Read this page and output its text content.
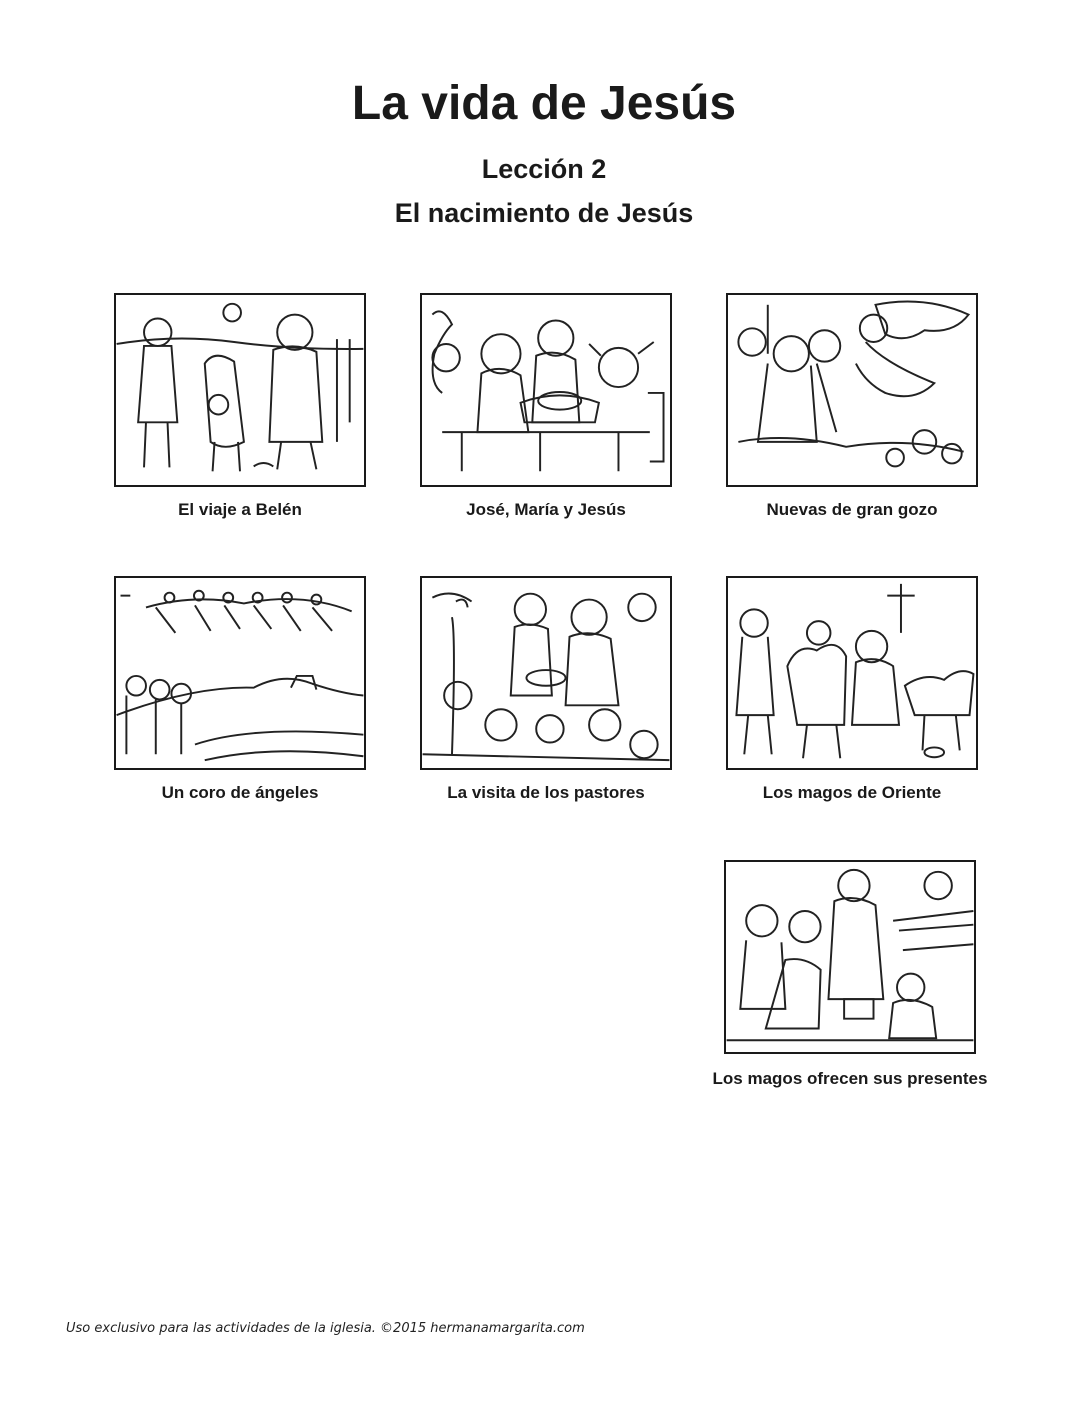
La vida de Jesús
Lección 2
El nacimiento de Jesús
El viaje a Belén	José, María y Jesús	Nuevas de gran gozo
Un coro de ángeles	La visita de los pastores	Los magos de Oriente
Los magos ofrecen sus presentes
Uso exclusivo para las actividades de la iglesia. ©2015 hermanamargarita.com
